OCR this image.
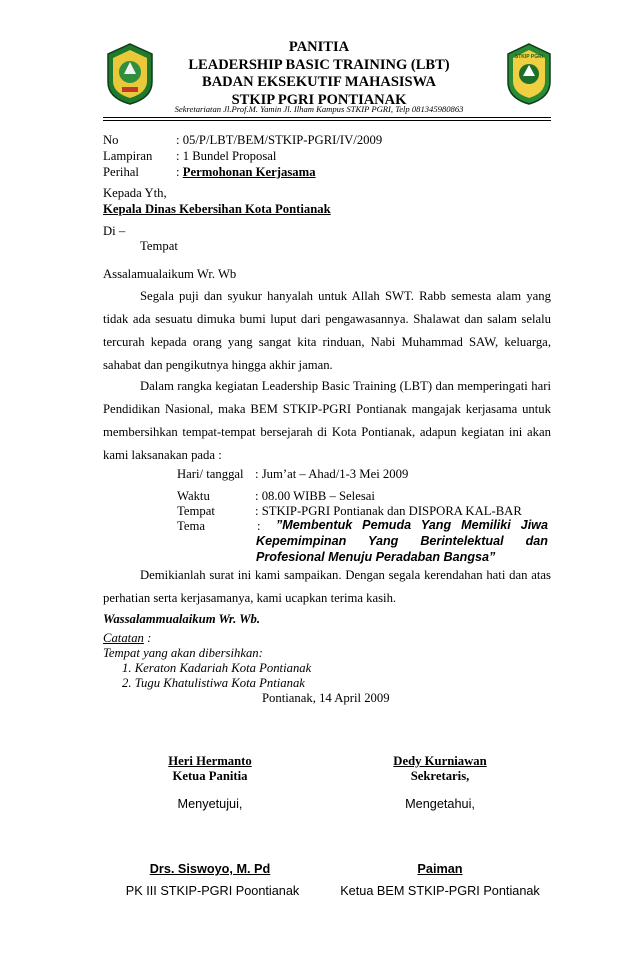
STKIP PGRI
PANITIA
LEADERSHIP BASIC TRAINING (LBT)
BADAN EKSEKUTIF MAHASISWA
STKIP PGRI PONTIANAK
Sekretariatan Jl.Prof.M. Yamin Jl. Ilham Kampus STKIP PGRI, Telp 081345980863
No	: 05/P/LBT/BEM/STKIP-PGRI/IV/2009
Lampiran : 1 Bundel Proposal
Perihal	: Permohonan Kerjasama
Kepada Yth,
Kepala Dinas Kebersihan Kota Pontianak
Di –
Tempat
Assalamualaikum Wr. Wb
Segala puji dan syukur hanyalah untuk Allah SWT. Rabb semesta alam yang
tidak ada sesuatu dimuka bumi luput dari pengawasannya. Shalawat dan salam selalu
tercurah kepada orang yang sangat kita rinduan, Nabi Muhammad SAW, keluarga,
sahabat dan pengikutnya hingga akhir jaman.
Dalam rangka kegiatan Leadership Basic Training (LBT) dan memperingati hari
Pendidikan Nasional, maka BEM STKIP-PGRI Pontianak mangajak kerjasama untuk
membersihkan tempat-tempat bersejarah di Kota Pontianak, adapun kegiatan ini akan
kami laksanakan pada :
Hari/ tanggal : Jum’at – Ahad/1-3 Mei 2009
Waktu	: 08.00 WIBB – Selesai
Tempat	: STKIP-PGRI Pontianak dan DISPORA KAL-BAR
Tema	: ”Membentuk Pemuda Yang Memiliki Jiwa
Kepemimpinan Yang Berintelektual dan
Profesional Menuju Peradaban Bangsa”
Demikianlah surat ini kami sampaikan. Dengan segala kerendahan hati dan atas
perhatian serta kerjasamanya, kami ucapkan terima kasih.
Wassalammualaikum Wr. Wb.
Catatan :
Tempat yang akan dibersihkan:
1. Keraton Kadariah Kota Pontianak
2. Tugu Khatulistiwa Kota Pntianak
Pontianak, 14 April 2009
Heri Hermanto
Ketua Panitia
Dedy Kurniawan
Sekretaris,
Menyetujui,	Mengetahui,
Drs. Siswoyo, M. Pd
PK III STKIP-PGRI Poontianak
Paiman
Ketua BEM STKIP-PGRI Pontianak
